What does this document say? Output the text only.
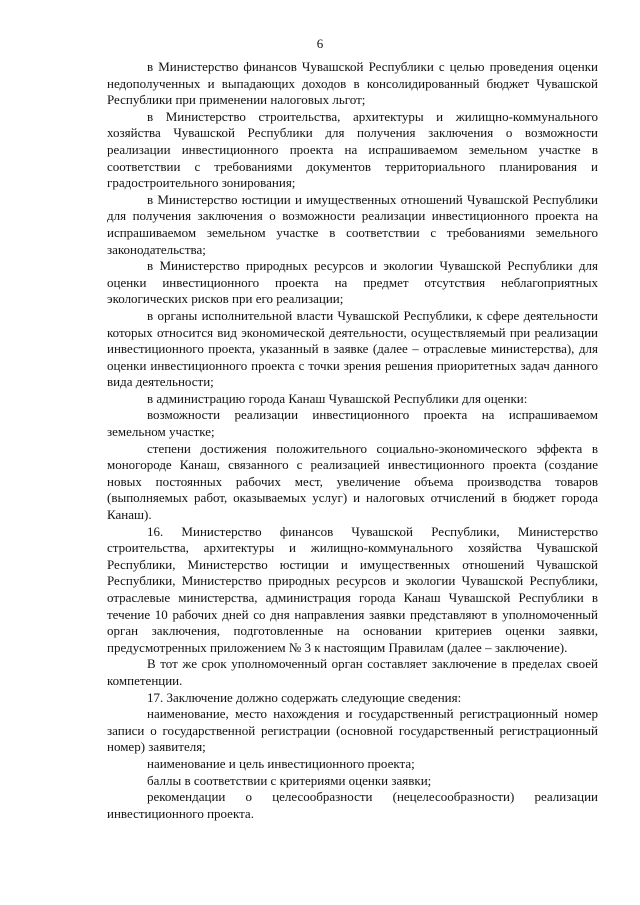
6

в Министерство финансов Чувашской Республики с целью проведения оценки недополученных и выпадающих доходов в консолидированный бюджет Чувашской Республики при применении налоговых льгот;

в Министерство строительства, архитектуры и жилищно-коммунального хозяйства Чувашской Республики для получения заключения о возможности реализации инвестиционного проекта на испрашиваемом земельном участке в соответствии с требованиями документов территориального планирования и градостроительного зонирования;

в Министерство юстиции и имущественных отношений Чувашской Республики для получения заключения о возможности реализации инвестиционного проекта на испрашиваемом земельном участке в соответствии с требованиями земельного законодательства;

в Министерство природных ресурсов и экологии Чувашской Республики для оценки инвестиционного проекта на предмет отсутствия неблагоприятных экологических рисков при его реализации;

в органы исполнительной власти Чувашской Республики, к сфере деятельности которых относится вид экономической деятельности, осуществляемый при реализации инвестиционного проекта, указанный в заявке (далее – отраслевые министерства), для оценки инвестиционного проекта с точки зрения решения приоритетных задач данного вида деятельности;

в администрацию города Канаш Чувашской Республики для оценки:

возможности реализации инвестиционного проекта на испрашиваемом земельном участке;

степени достижения положительного социально-экономического эффекта в моногороде Канаш, связанного с реализацией инвестиционного проекта (создание новых постоянных рабочих мест, увеличение объема производства товаров (выполняемых работ, оказываемых услуг) и налоговых отчислений в бюджет города Канаш).

16. Министерство финансов Чувашской Республики, Министерство строительства, архитектуры и жилищно-коммунального хозяйства Чувашской Республики, Министерство юстиции и имущественных отношений Чувашской Республики, Министерство природных ресурсов и экологии Чувашской Республики, отраслевые министерства, администрация города Канаш Чувашской Республики в течение 10 рабочих дней со дня направления заявки представляют в уполномоченный орган заключения, подготовленные на основании критериев оценки заявки, предусмотренных приложением № 3 к настоящим Правилам (далее – заключение).

В тот же срок уполномоченный орган составляет заключение в пределах своей компетенции.

17. Заключение должно содержать следующие сведения:

наименование, место нахождения и государственный регистрационный номер записи о государственной регистрации (основной государственный регистрационный номер) заявителя;

наименование и цель инвестиционного проекта;

баллы в соответствии с критериями оценки заявки;

рекомендации о целесообразности (нецелесообразности) реализации инвестиционного проекта.
